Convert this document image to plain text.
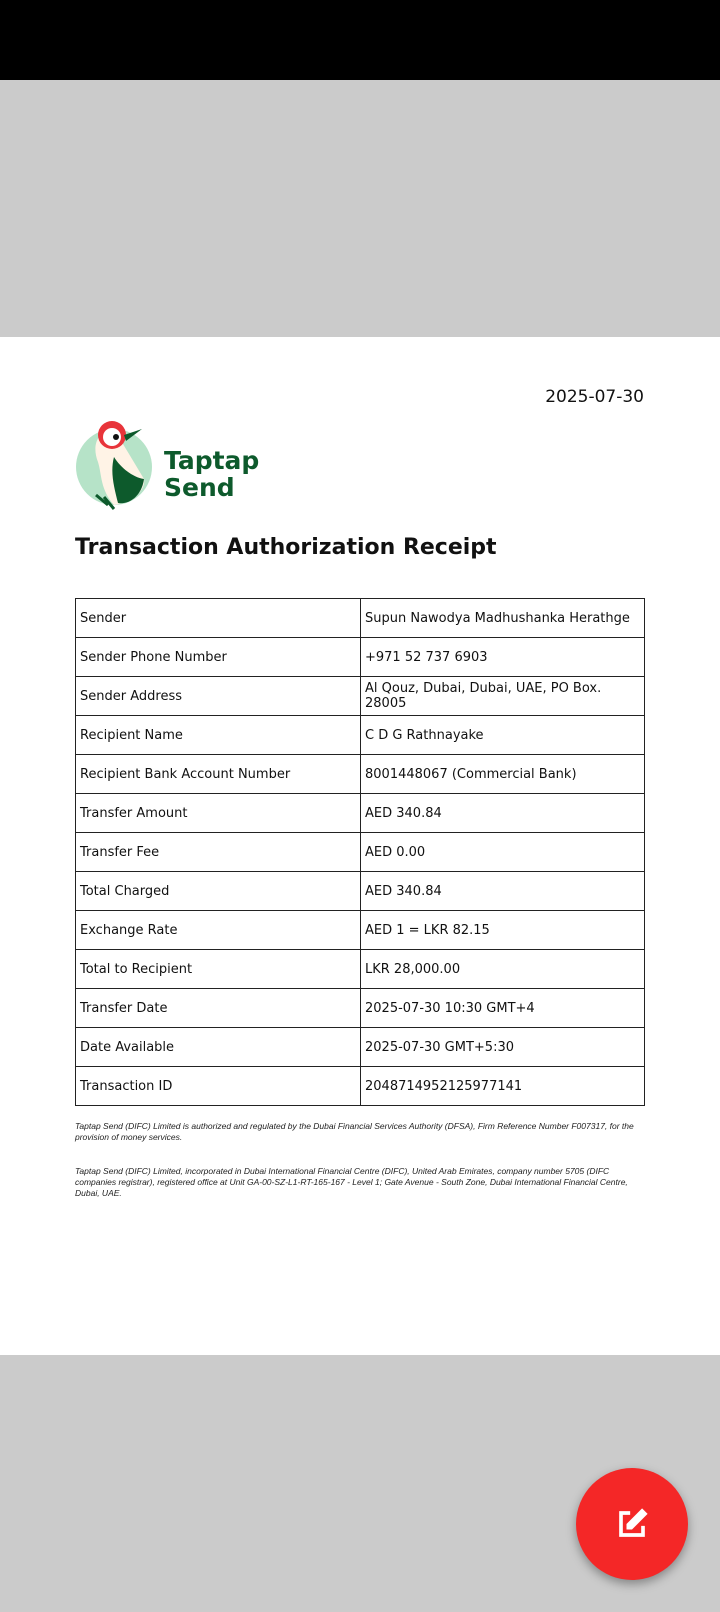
2025-07-30
Taptap
Send
Transaction Authorization Receipt
Sender	Supun Nawodya Madhushanka Herathge
Sender Phone Number	+971 52 737 6903
Sender Address	Al Qouz, Dubai, Dubai, UAE, PO Box. 28005
Recipient Name	C D G Rathnayake
Recipient Bank Account Number	8001448067 (Commercial Bank)
Transfer Amount	AED 340.84
Transfer Fee	AED 0.00
Total Charged	AED 340.84
Exchange Rate	AED 1 = LKR 82.15
Total to Recipient	LKR 28,000.00
Transfer Date	2025-07-30 10:30 GMT+4
Date Available	2025-07-30 GMT+5:30
Transaction ID	2048714952125977141
Taptap Send (DIFC) Limited is authorized and regulated by the Dubai Financial Services Authority (DFSA), Firm Reference Number F007317, for the provision of money services.
Taptap Send (DIFC) Limited, incorporated in Dubai International Financial Centre (DIFC), United Arab Emirates, company number 5705 (DIFC companies registrar), registered office at Unit GA-00-SZ-L1-RT-165-167 - Level 1; Gate Avenue - South Zone, Dubai International Financial Centre, Dubai, UAE.
